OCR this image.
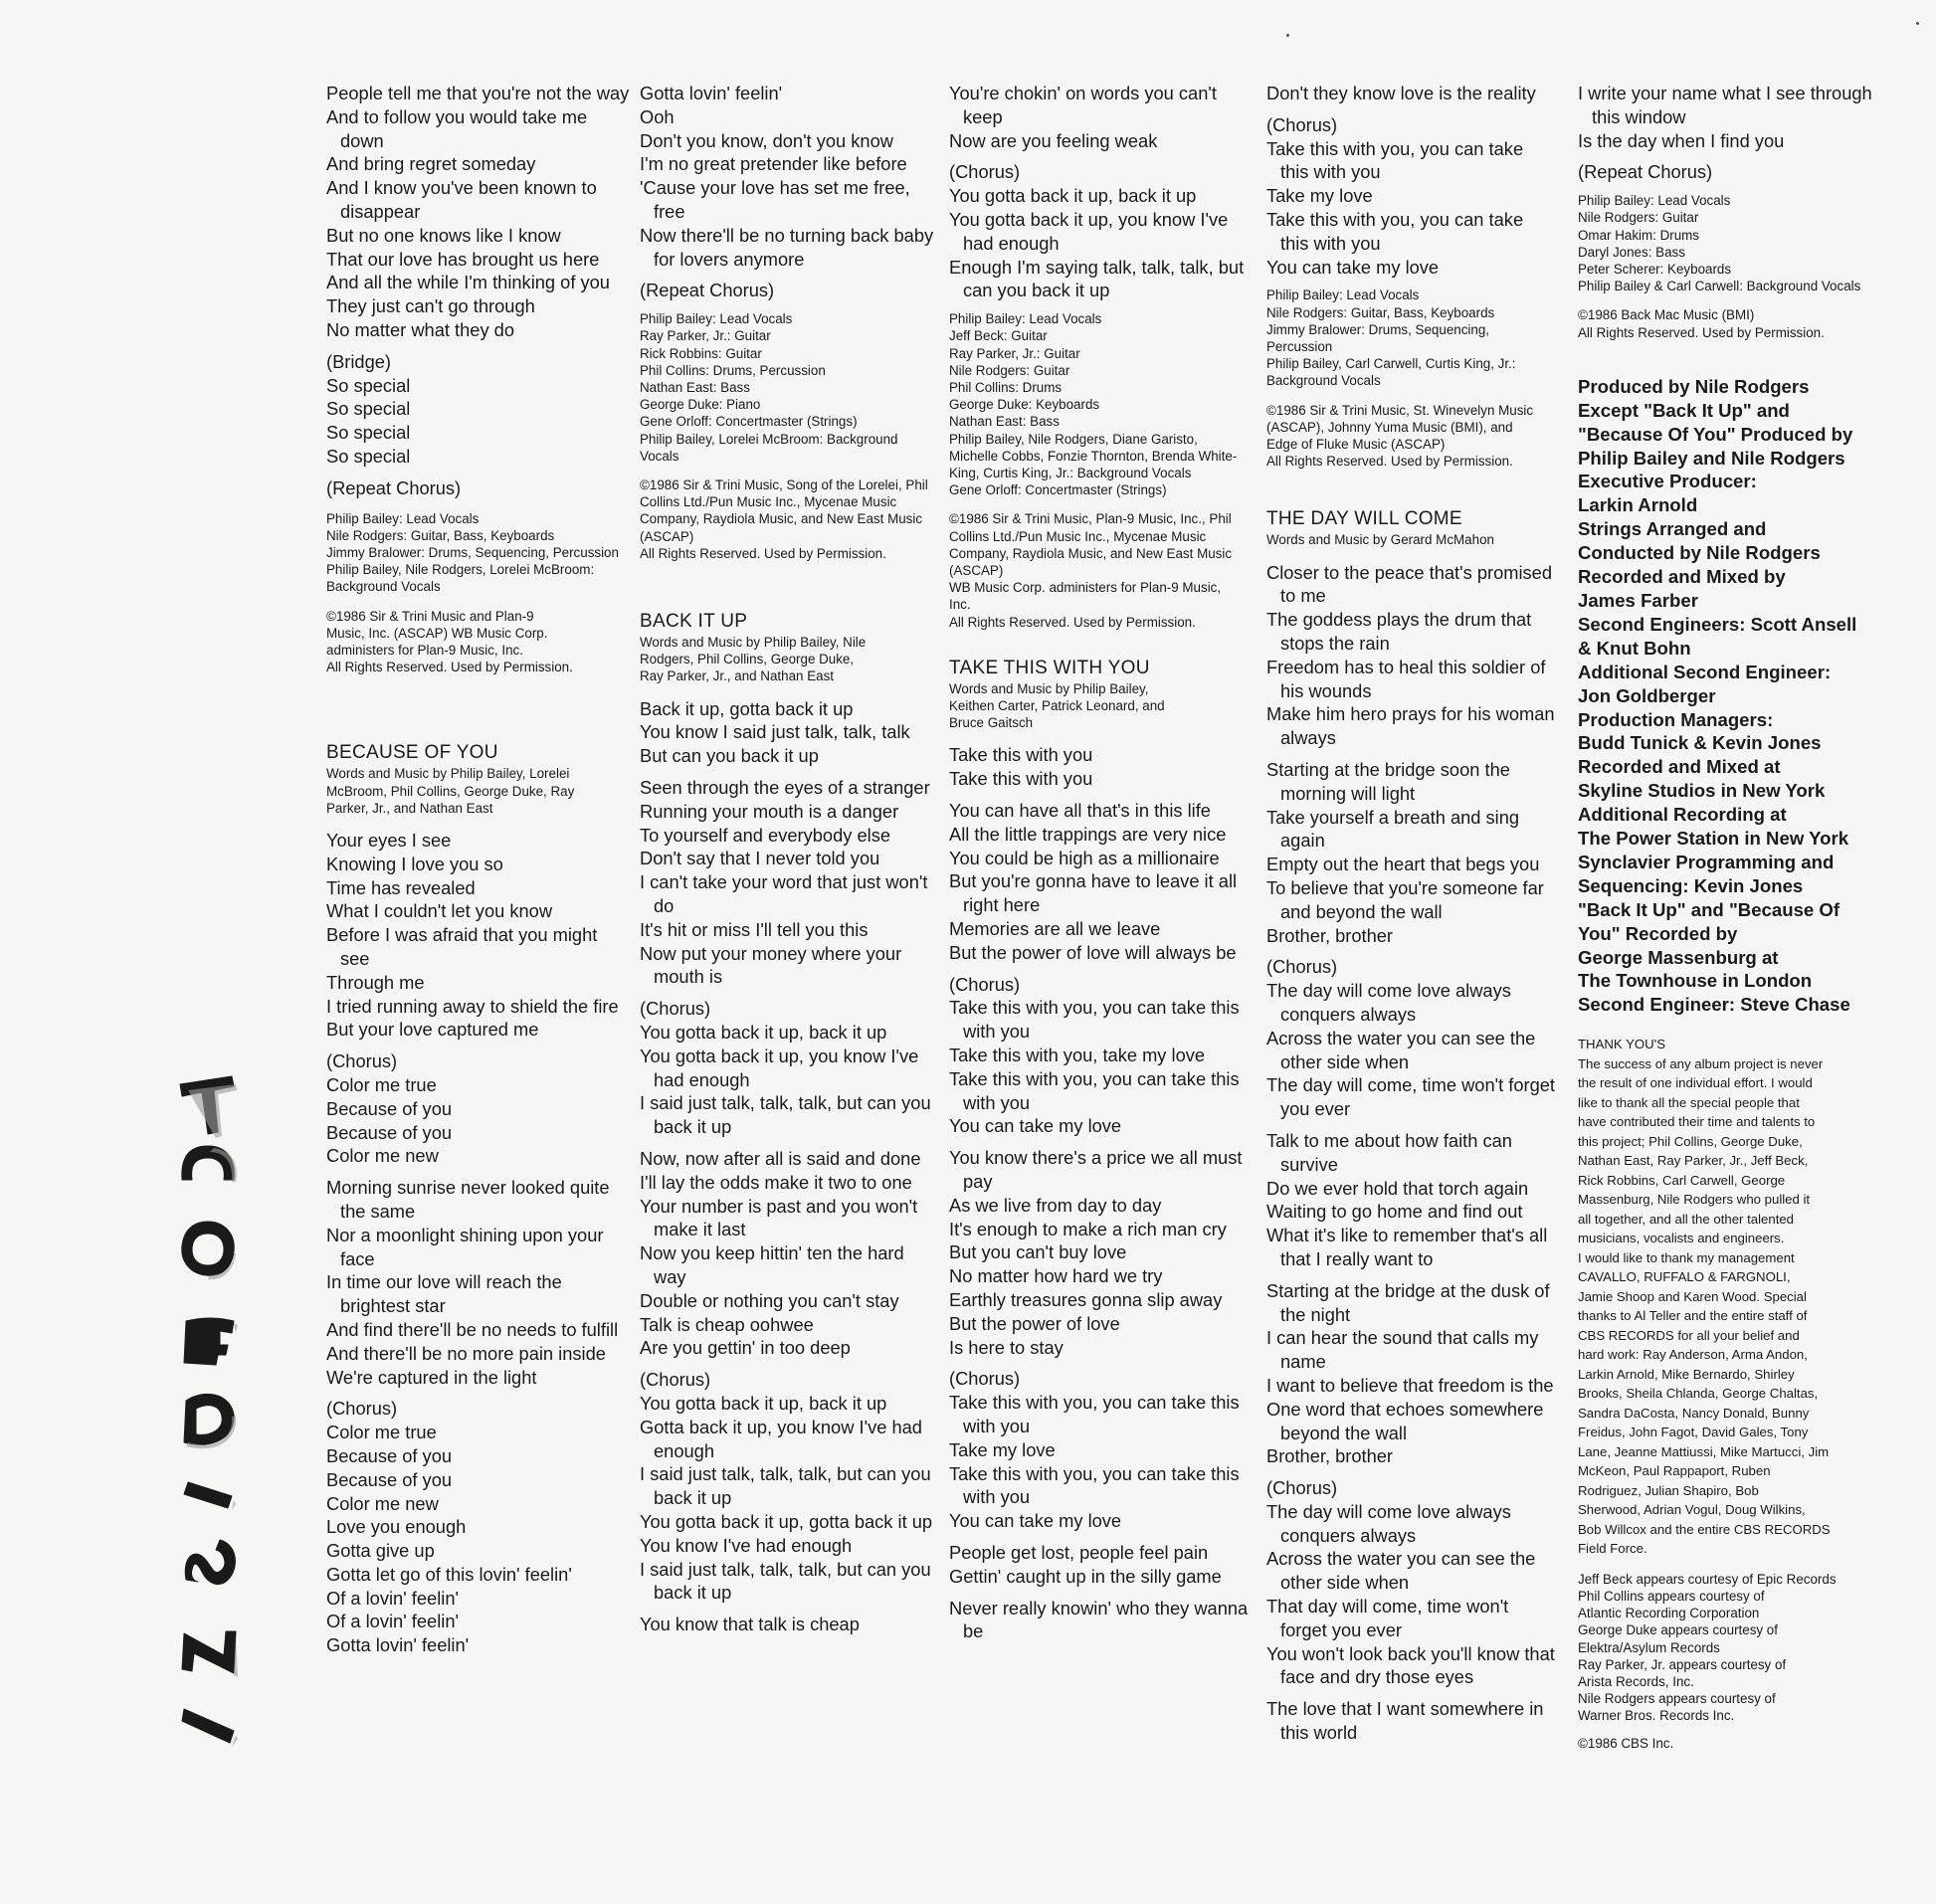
People tell me that you're not the way
And to follow you would take me down
And bring regret someday
And I know you've been known to disappear
But no one knows like I know
That our love has brought us here
And all the while I'm thinking of you
They just can't go through
No matter what they do
(Bridge)
So special
So special
So special
So special
(Repeat Chorus)
Philip Bailey: Lead Vocals
Nile Rodgers: Guitar, Bass, Keyboards
Jimmy Bralower: Drums, Sequencing, Percussion
Philip Bailey, Nile Rodgers, Lorelei McBroom: Background Vocals
©1986 Sir & Trini Music and Plan-9 Music, Inc. (ASCAP) WB Music Corp. administers for Plan-9 Music, Inc.
All Rights Reserved. Used by Permission.
BECAUSE OF YOU
Words and Music by Philip Bailey, Lorelei McBroom, Phil Collins, George Duke, Ray Parker, Jr., and Nathan East
Your eyes I see
Knowing I love you so
Time has revealed
What I couldn't let you know
Before I was afraid that you might see
Through me
I tried running away to shield the fire
But your love captured me
(Chorus)
Color me true
Because of you
Because of you
Color me new
Morning sunrise never looked quite the same
Nor a moonlight shining upon your face
In time our love will reach the brightest star
And find there'll be no needs to fulfill
And there'll be no more pain inside
We're captured in the light
(Chorus)
Color me true
Because of you
Because of you
Color me new
Love you enough
Gotta give up
Gotta let go of this lovin' feelin'
Of a lovin' feelin'
Of a lovin' feelin'
Gotta lovin' feelin'
Gotta lovin' feelin'
Ooh
Don't you know, don't you know
I'm no great pretender like before
'Cause your love has set me free, free
Now there'll be no turning back baby for lovers anymore
(Repeat Chorus)
Philip Bailey: Lead Vocals
Ray Parker, Jr.: Guitar
Rick Robbins: Guitar
Phil Collins: Drums, Percussion
Nathan East: Bass
George Duke: Piano
Gene Orloff: Concertmaster (Strings)
Philip Bailey, Lorelei McBroom: Background Vocals
©1986 Sir & Trini Music, Song of the Lorelei, Phil Collins Ltd./Pun Music Inc., Mycenae Music Company, Raydiola Music, and New East Music (ASCAP)
All Rights Reserved. Used by Permission.
BACK IT UP
Words and Music by Philip Bailey, Nile Rodgers, Phil Collins, George Duke, Ray Parker, Jr., and Nathan East
Back it up, gotta back it up
You know I said just talk, talk, talk
But can you back it up
Seen through the eyes of a stranger
Running your mouth is a danger
To yourself and everybody else
Don't say that I never told you
I can't take your word that just won't do
It's hit or miss I'll tell you this
Now put your money where your mouth is
(Chorus)
You gotta back it up, back it up
You gotta back it up, you know I've had enough
I said just talk, talk, talk, but can you back it up
Now, now after all is said and done
I'll lay the odds make it two to one
Your number is past and you won't make it last
Now you keep hittin' ten the hard way
Double or nothing you can't stay
Talk is cheap oohwee
Are you gettin' in too deep
(Chorus)
You gotta back it up, back it up
Gotta back it up, you know I've had enough
I said just talk, talk, talk, but can you back it up
You gotta back it up, gotta back it up
You know I've had enough
I said just talk, talk, talk, but can you back it up
You know that talk is cheap
You're chokin' on words you can't keep
Now are you feeling weak
(Chorus)
You gotta back it up, back it up
You gotta back it up, you know I've had enough
Enough I'm saying talk, talk, talk, but can you back it up
Philip Bailey: Lead Vocals
Jeff Beck: Guitar
Ray Parker, Jr.: Guitar
Nile Rodgers: Guitar
Phil Collins: Drums
George Duke: Keyboards
Nathan East: Bass
Philip Bailey, Nile Rodgers, Diane Garisto, Michelle Cobbs, Fonzie Thornton, Brenda White-King, Curtis King, Jr.: Background Vocals
Gene Orloff: Concertmaster (Strings)
©1986 Sir & Trini Music, Plan-9 Music, Inc., Phil Collins Ltd./Pun Music Inc., Mycenae Music Company, Raydiola Music, and New East Music (ASCAP)
WB Music Corp. administers for Plan-9 Music, Inc.
All Rights Reserved. Used by Permission.
TAKE THIS WITH YOU
Words and Music by Philip Bailey, Keithen Carter, Patrick Leonard, and Bruce Gaitsch
Take this with you
Take this with you
You can have all that's in this life
All the little trappings are very nice
You could be high as a millionaire
But you're gonna have to leave it all right here
Memories are all we leave
But the power of love will always be
(Chorus)
Take this with you, you can take this with you
Take this with you, take my love
Take this with you, you can take this with you
You can take my love
You know there's a price we all must pay
As we live from day to day
It's enough to make a rich man cry
But you can't buy love
No matter how hard we try
Earthly treasures gonna slip away
But the power of love
Is here to stay
(Chorus)
Take this with you, you can take this with you
Take my love
Take this with you, you can take this with you
You can take my love
People get lost, people feel pain
Gettin' caught up in the silly game
Never really knowin' who they wanna be
Don't they know love is the reality
(Chorus)
Take this with you, you can take this with you
Take my love
Take this with you, you can take this with you
You can take my love
Philip Bailey: Lead Vocals
Nile Rodgers: Guitar, Bass, Keyboards
Jimmy Bralower: Drums, Sequencing, Percussion
Philip Bailey, Carl Carwell, Curtis King, Jr.: Background Vocals
©1986 Sir & Trini Music, St. Winevelyn Music (ASCAP), Johnny Yuma Music (BMI), and Edge of Fluke Music (ASCAP)
All Rights Reserved. Used by Permission.
THE DAY WILL COME
Words and Music by Gerard McMahon
Closer to the peace that's promised to me
The goddess plays the drum that stops the rain
Freedom has to heal this soldier of his wounds
Make him hero prays for his woman always
Starting at the bridge soon the morning will light
Take yourself a breath and sing again
Empty out the heart that begs you
To believe that you're someone far and beyond the wall
Brother, brother
(Chorus)
The day will come love always conquers always
Across the water you can see the other side when
The day will come, time won't forget you ever
Talk to me about how faith can survive
Do we ever hold that torch again
Waiting to go home and find out
What it's like to remember that's all that I really want to
Starting at the bridge at the dusk of the night
I can hear the sound that calls my name
I want to believe that freedom is the
One word that echoes somewhere beyond the wall
Brother, brother
(Chorus)
The day will come love always conquers always
Across the water you can see the other side when
That day will come, time won't forget you ever
You won't look back you'll know that face and dry those eyes
The love that I want somewhere in this world
I write your name what I see through this window
Is the day when I find you
(Repeat Chorus)
Philip Bailey: Lead Vocals
Nile Rodgers: Guitar
Omar Hakim: Drums
Daryl Jones: Bass
Peter Scherer: Keyboards
Philip Bailey & Carl Carwell: Background Vocals
©1986 Back Mac Music (BMI)
All Rights Reserved. Used by Permission.
Produced by Nile Rodgers
Except "Back It Up" and
"Because Of You" Produced by
Philip Bailey and Nile Rodgers
Executive Producer:
Larkin Arnold
Strings Arranged and
Conducted by Nile Rodgers
Recorded and Mixed by
James Farber
Second Engineers: Scott Ansell
& Knut Bohn
Additional Second Engineer:
Jon Goldberger
Production Managers:
Budd Tunick & Kevin Jones
Recorded and Mixed at
Skyline Studios in New York
Additional Recording at
The Power Station in New York
Synclavier Programming and
Sequencing: Kevin Jones
"Back It Up" and "Because Of
You" Recorded by
George Massenburg at
The Townhouse in London
Second Engineer: Steve Chase
THANK YOU'S
The success of any album project is never
the result of one individual effort. I would
like to thank all the special people that
have contributed their time and talents to
this project; Phil Collins, George Duke,
Nathan East, Ray Parker, Jr., Jeff Beck,
Rick Robbins, Carl Carwell, George
Massenburg, Nile Rodgers who pulled it
all together, and all the other talented
musicians, vocalists and engineers.
I would like to thank my management
CAVALLO, RUFFALO & FARGNOLI,
Jamie Shoop and Karen Wood. Special
thanks to Al Teller and the entire staff of
CBS RECORDS for all your belief and
hard work: Ray Anderson, Arma Andon,
Larkin Arnold, Mike Bernardo, Shirley
Brooks, Sheila Chlanda, George Chaltas,
Sandra DaCosta, Nancy Donald, Bunny
Freidus, John Fagot, David Gales, Tony
Lane, Jeanne Mattiussi, Mike Martucci, Jim
McKeon, Paul Rappaport, Ruben
Rodriguez, Julian Shapiro, Bob
Sherwood, Adrian Vogul, Doug Wilkins,
Bob Willcox and the entire CBS RECORDS
Field Force.
Jeff Beck appears courtesy of Epic Records
Phil Collins appears courtesy of
Atlantic Recording Corporation
George Duke appears courtesy of
Elektra/Asylum Records
Ray Parker, Jr. appears courtesy of
Arista Records, Inc.
Nile Rodgers appears courtesy of
Warner Bros. Records Inc.
©1986 CBS Inc.
